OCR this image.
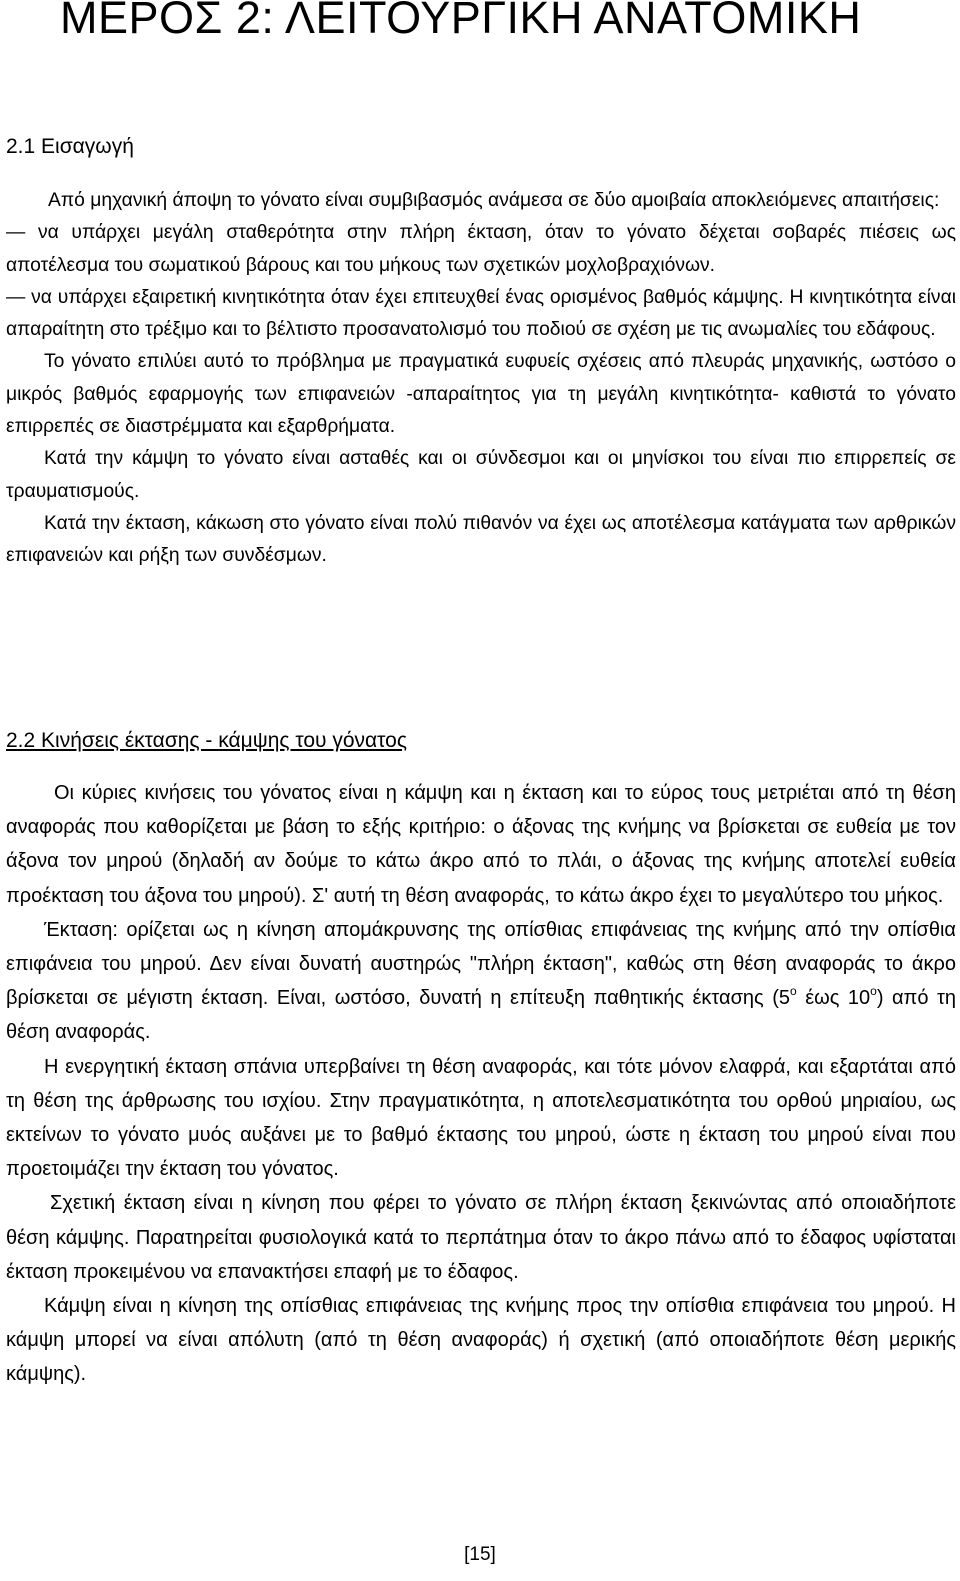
ΜΕΡΟΣ 2: ΛΕΙΤΟΥΡΓΙΚΗ ΑΝΑΤΟΜΙΚΗ
2.1 Εισαγωγή

Από μηχανική άποψη το γόνατο είναι συμβιβασμός ανάμεσα σε δύο αμοιβαία αποκλειόμενες απαιτήσεις:

— να υπάρχει μεγάλη σταθερότητα στην πλήρη έκταση, όταν το γόνατο δέχεται σοβαρές πιέσεις ως αποτέλεσμα του σωματικού βάρους και του μήκους των σχετικών μοχλοβραχιόνων.

— να υπάρχει εξαιρετική κινητικότητα όταν έχει επιτευχθεί ένας ορισμένος βαθμός κάμψης. Η κινητικότητα είναι απαραίτητη στο τρέξιμο και το βέλτιστο προσανατολισμό του ποδιού σε σχέση με τις ανωμαλίες του εδάφους.

Το γόνατο επιλύει αυτό το πρόβλημα με πραγματικά ευφυείς σχέσεις από πλευράς μηχανικής, ωστόσο ο μικρός βαθμός εφαρμογής των επιφανειών -απαραίτητος για τη μεγάλη κινητικότητα- καθιστά το γόνατο επιρρεπές σε διαστρέμματα και εξαρθρήματα.

Κατά την κάμψη το γόνατο είναι ασταθές και οι σύνδεσμοι και οι μηνίσκοι του είναι πιο επιρρεπείς σε τραυματισμούς.

Κατά την έκταση, κάκωση στο γόνατο είναι πολύ πιθανόν να έχει ως αποτέλεσμα κατάγματα των αρθρικών επιφανειών και ρήξη των συνδέσμων.

2.2 Κινήσεις έκτασης - κάμψης του γόνατος

Οι κύριες κινήσεις του γόνατος είναι η κάμψη και η έκταση και το εύρος τους μετριέται από τη θέση αναφοράς που καθορίζεται με βάση το εξής κριτήριο: ο άξονας της κνήμης να βρίσκεται σε ευθεία με τον άξονα τον μηρού (δηλαδή αν δούμε το κάτω άκρο από το πλάι, ο άξονας της κνήμης αποτελεί ευθεία προέκταση του άξονα του μηρού). Σ' αυτή τη θέση αναφοράς, το κάτω άκρο έχει το μεγαλύτερο του μήκος.

Έκταση: ορίζεται ως η κίνηση απομάκρυνσης της οπίσθιας επιφάνειας της κνήμης από την οπίσθια επιφάνεια του μηρού. Δεν είναι δυνατή αυστηρώς "πλήρη έκταση", καθώς στη θέση αναφοράς το άκρο βρίσκεται σε μέγιστη έκταση. Είναι, ωστόσο, δυνατή η επίτευξη παθητικής έκτασης ($5^o$ έως $10^o$) από τη θέση αναφοράς.

Η ενεργητική έκταση σπάνια υπερβαίνει τη θέση αναφοράς, και τότε μόνον ελαφρά, και εξαρτάται από τη θέση της άρθρωσης του ισχίου. Στην πραγματικότητα, η αποτελεσματικότητα του ορθού μηριαίου, ως εκτείνων το γόνατο μυός αυξάνει με το βαθμό έκτασης του μηρού, ώστε η έκταση του μηρού είναι που προετοιμάζει την έκταση του γόνατος.

Σχετική έκταση είναι η κίνηση που φέρει το γόνατο σε πλήρη έκταση ξεκινώντας από οποιαδήποτε θέση κάμψης. Παρατηρείται φυσιολογικά κατά το περπάτημα όταν το άκρο πάνω από το έδαφος υφίσταται έκταση προκειμένου να επανακτήσει επαφή με το έδαφος.

Κάμψη είναι η κίνηση της οπίσθιας επιφάνειας της κνήμης προς την οπίσθια επιφάνεια του μηρού. Η κάμψη μπορεί να είναι απόλυτη (από τη θέση αναφοράς) ή σχετική (από οποιαδήποτε θέση μερικής κάμψης).

[15]
